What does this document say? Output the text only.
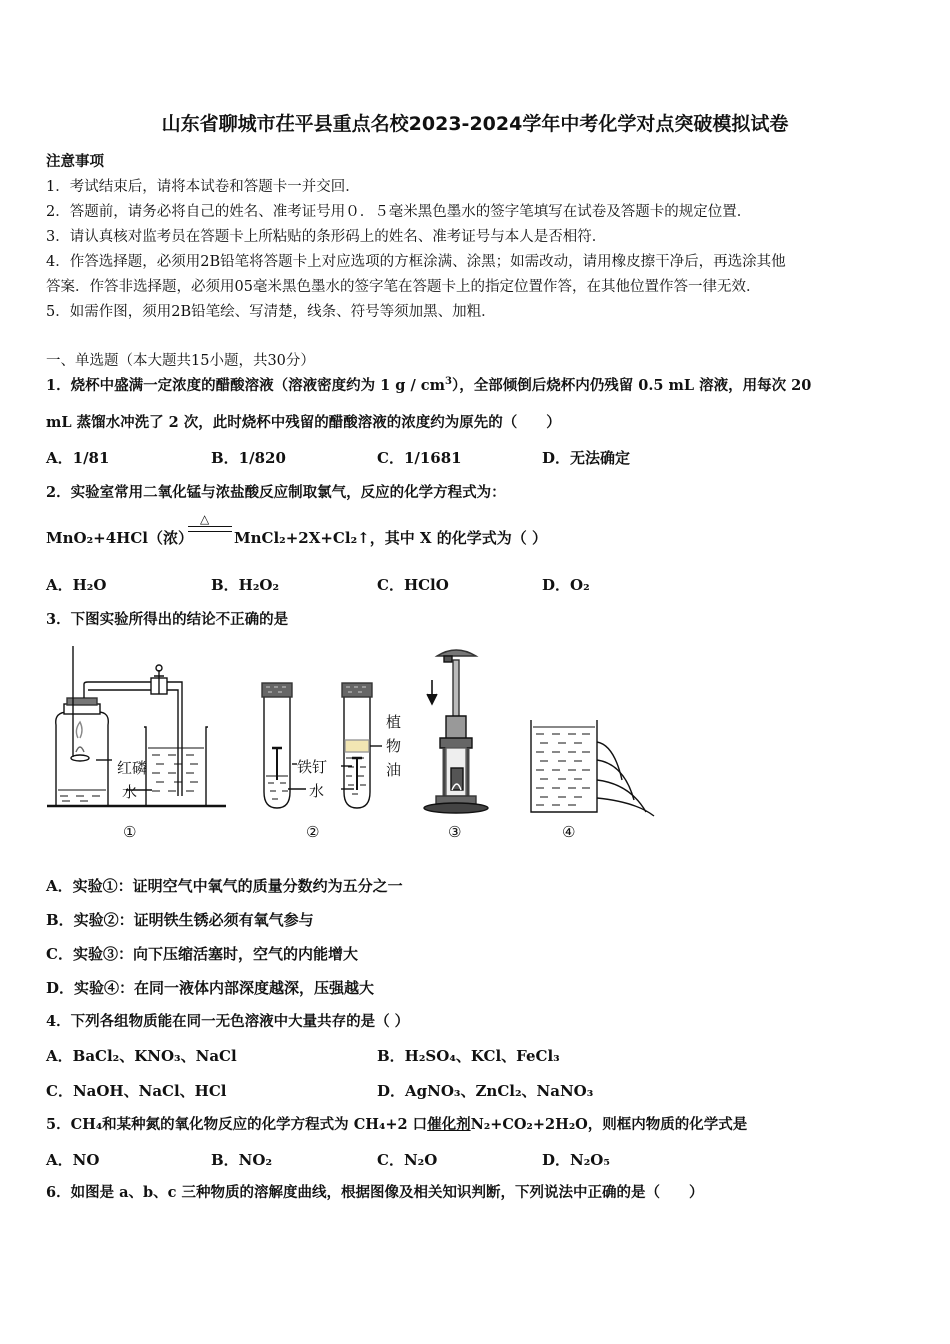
山东省聊城市茌平县重点名校2023-2024学年中考化学对点突破模拟试卷
注意事项
1．考试结束后，请将本试卷和答题卡一并交回．
2．答题前，请务必将自己的姓名、准考证号用０．５毫米黑色墨水的签字笔填写在试卷及答题卡的规定位置．
3．请认真核对监考员在答题卡上所粘贴的条形码上的姓名、准考证号与本人是否相符．
4．作答选择题，必须用2B铅笔将答题卡上对应选项的方框涂满、涂黑；如需改动，请用橡皮擦干净后，再选涂其他
答案．作答非选择题，必须用05毫米黑色墨水的签字笔在答题卡上的指定位置作答，在其他位置作答一律无效．
5．如需作图，须用2B铅笔绘、写清楚，线条、符号等须加黑、加粗．
一、单选题（本大题共15小题，共30分）
1．烧杯中盛满一定浓度的醋酸溶液（溶液密度约为 1 g / $cm^3$），全部倾倒后烧杯内仍残留 0.5 mL 溶液，用每次 20
mL 蒸馏水冲洗了 2 次，此时烧杯中残留的醋酸溶液的浓度约为原先的（　　）
A．1/81	B．1/820	C．1/1681	D．无法确定
2．实验室常用二氧化锰与浓盐酸反应制取氯气，反应的化学方程式为：
MnO₂+4HCl（浓）
△
MnCl₂+2X+Cl₂↑，其中 X 的化学式为（ ）
A．H₂O	B．H₂O₂	C．HClO	D．O₂
3．下图实验所得出的结论不正确的是
红磷
水
铁钉
水
植
物
油
①	②	③	④
A．实验①：证明空气中氧气的质量分数约为五分之一
B．实验②：证明铁生锈必须有氧气参与
C．实验③：向下压缩活塞时，空气的内能增大
D．实验④：在同一液体内部深度越深，压强越大
4．下列各组物质能在同一无色溶液中大量共存的是（ ）
A．BaCl₂、KNO₃、NaCl	B．H₂SO₄、KCl、FeCl₃
C．NaOH、NaCl、HCl	D．AgNO₃、ZnCl₂、NaNO₃
5．CH₄和某种氮的氧化物反应的化学方程式为 CH₄+2 口催化剂N₂+CO₂+2H₂O，则框内物质的化学式是
A．NO	B．NO₂	C．N₂O	D．N₂O₅
6．如图是 a、b、c 三种物质的溶解度曲线，根据图像及相关知识判断，下列说法中正确的是（　　）
